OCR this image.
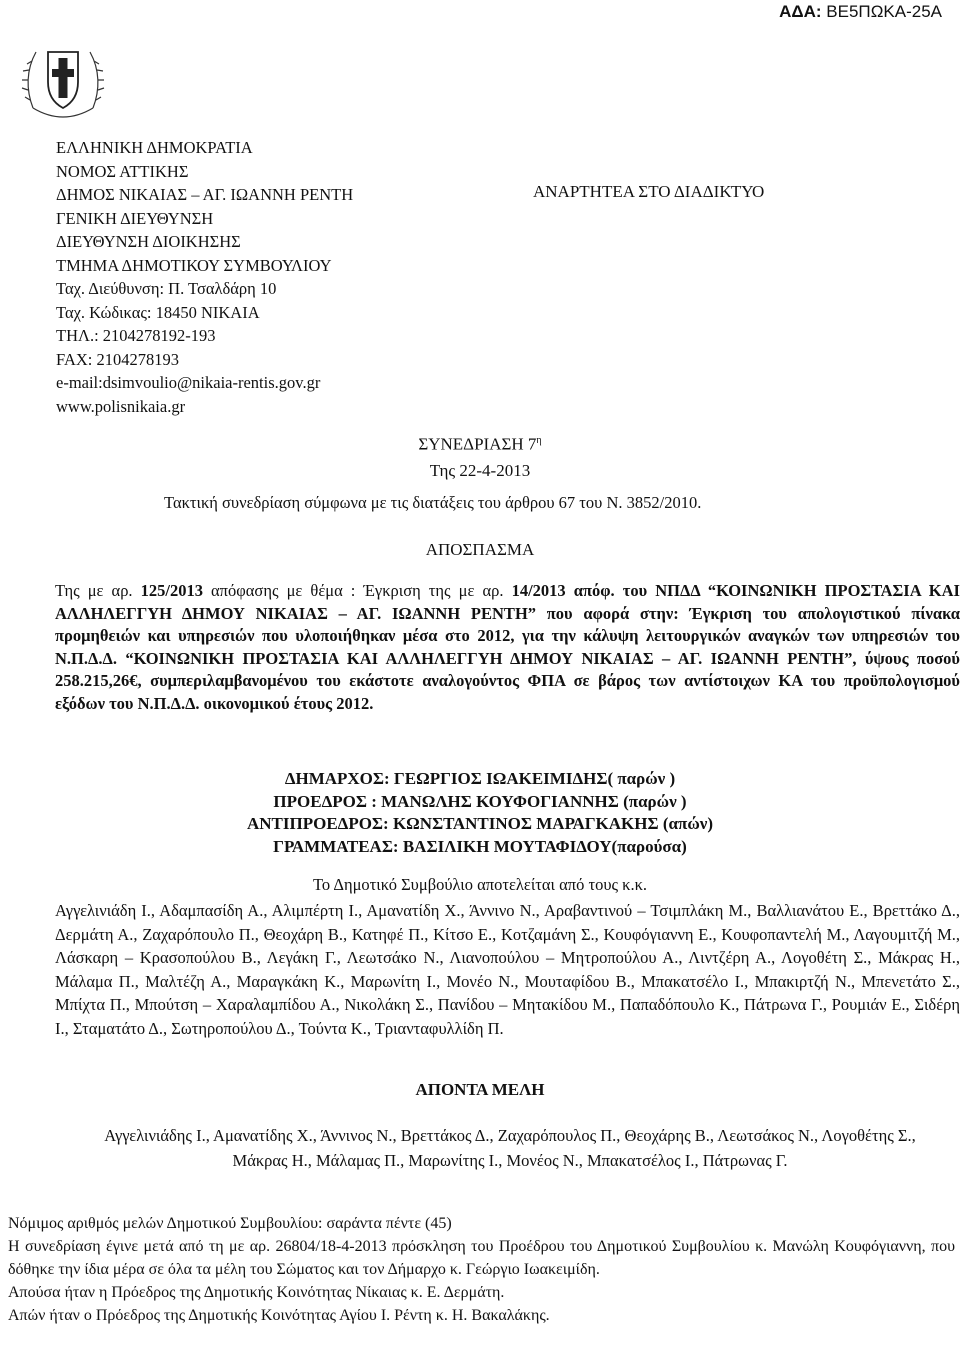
ΑΔΑ: ΒΕ5ΠΩΚΑ-25Α
ΕΛΛΗΝΙΚΗ ΔΗΜΟΚΡΑΤΙΑ
ΝΟΜΟΣ ΑΤΤΙΚΗΣ
ΔΗΜΟΣ ΝΙΚΑΙΑΣ – ΑΓ. ΙΩΑΝΝΗ ΡΕΝΤΗ
ΓΕΝΙΚΗ ΔΙΕΥΘΥΝΣΗ
ΔΙΕΥΘΥΝΣΗ ΔΙΟΙΚΗΣΗΣ
ΤΜΗΜΑ ΔΗΜΟΤΙΚΟΥ ΣΥΜΒΟΥΛΙΟΥ
Ταχ. Διεύθυνση: Π. Τσαλδάρη 10
Ταχ. Κώδικας: 18450 ΝΙΚΑΙΑ
ΤΗΛ.: 2104278192-193
FAX: 2104278193
e-mail:dsimvoulio@nikaia-rentis.gov.gr
www.polisnikaia.gr
ΑΝΑΡΤΗΤΕΑ ΣΤΟ ΔΙΑΔΙΚΤΥΟ
ΣΥΝΕΔΡΙΑΣΗ $7^\eta$
Της 22-4-2013
Τακτική συνεδρίαση σύμφωνα με τις διατάξεις του άρθρου 67 του Ν. 3852/2010.
ΑΠΟΣΠΑΣΜΑ
Της με αρ. 125/2013 απόφασης με θέμα : Έγκριση της με αρ. 14/2013 απόφ. του ΝΠΔΔ “ΚΟΙΝΩΝΙΚΗ ΠΡΟΣΤΑΣΙΑ ΚΑΙ ΑΛΛΗΛΕΓΓΥΗ ΔΗΜΟΥ ΝΙΚΑΙΑΣ – ΑΓ. ΙΩΑΝΝΗ ΡΕΝΤΗ” που αφορά στην: Έγκριση του απολογιστικού πίνακα προμηθειών και υπηρεσιών που υλοποιήθηκαν μέσα στο 2012, για την κάλυψη λειτουργικών αναγκών των υπηρεσιών του Ν.Π.Δ.Δ. “ΚΟΙΝΩΝΙΚΗ ΠΡΟΣΤΑΣΙΑ ΚΑΙ ΑΛΛΗΛΕΓΓΥΗ ΔΗΜΟΥ ΝΙΚΑΙΑΣ – ΑΓ. ΙΩΑΝΝΗ ΡΕΝΤΗ”, ύψους ποσού 258.215,26€, συμπεριλαμβανομένου του εκάστοτε αναλογούντος ΦΠΑ σε βάρος των αντίστοιχων ΚΑ του προϋπολογισμού εξόδων του Ν.Π.Δ.Δ. οικονομικού έτους 2012.
ΔΗΜΑΡΧΟΣ: ΓΕΩΡΓΙΟΣ ΙΩΑΚΕΙΜΙΔΗΣ( παρών )
ΠΡΟΕΔΡΟΣ : ΜΑΝΩΛΗΣ ΚΟΥΦΟΓΙΑΝΝΗΣ (παρών )
ΑΝΤΙΠΡΟΕΔΡΟΣ: ΚΩΝΣΤΑΝΤΙΝΟΣ ΜΑΡΑΓΚΑΚΗΣ (απών)
ΓΡΑΜΜΑΤΕΑΣ: ΒΑΣΙΛΙΚΗ ΜΟΥΤΑΦΙΔΟΥ(παρούσα)
Το Δημοτικό Συμβούλιο αποτελείται από τους κ.κ.
Αγγελινιάδη Ι., Αδαμπασίδη Α., Αλιμπέρτη Ι., Αμανατίδη Χ., Άννινο Ν., Αραβαντινού – Τσιμπλάκη Μ., Βαλλιανάτου Ε., Βρεττάκο Δ., Δερμάτη Α., Ζαχαρόπουλο Π., Θεοχάρη Β., Κατηφέ Π., Κίτσο Ε., Κοτζαμάνη Σ., Κουφόγιαννη Ε., Κουφοπαντελή Μ., Λαγουμιτζή Μ., Λάσκαρη – Κρασοπούλου Β., Λεγάκη Γ., Λεωτσάκο Ν., Λιανοπούλου – Μητροπούλου Α., Λιντζέρη Α., Λογοθέτη Σ., Μάκρας Η., Μάλαμα Π., Μαλτέζη Α., Μαραγκάκη Κ., Μαρωνίτη Ι., Μονέο Ν., Μουταφίδου Β., Μπακατσέλο Ι., Μπακιρτζή Ν., Μπενετάτο Σ., Μπίχτα Π., Μπούτση – Χαραλαμπίδου Α., Νικολάκη Σ., Πανίδου – Μητακίδου Μ., Παπαδόπουλο Κ., Πάτρωνα Γ., Ρουμιάν Ε., Σιδέρη Ι., Σταματάτο Δ., Σωτηροπούλου Δ., Τούντα Κ., Τριανταφυλλίδη Π.
ΑΠΟΝΤΑ ΜΕΛΗ
Αγγελινιάδης Ι., Αμανατίδης Χ., Άννινος Ν., Βρεττάκος Δ., Ζαχαρόπουλος Π., Θεοχάρης Β., Λεωτσάκος Ν., Λογοθέτης Σ., Μάκρας Η., Μάλαμας Π., Μαρωνίτης Ι., Μονέος Ν., Μπακατσέλος Ι., Πάτρωνας Γ.

Νόμιμος αριθμός μελών Δημοτικού Συμβουλίου: σαράντα πέντε (45)

Η συνεδρίαση έγινε μετά από τη με αρ. 26804/18-4-2013 πρόσκληση του Προέδρου του Δημοτικού Συμβουλίου κ. Μανώλη Κουφόγιαννη, που δόθηκε την ίδια μέρα σε όλα τα μέλη του Σώματος και τον Δήμαρχο κ. Γεώργιο Ιωακειμίδη.

Απούσα ήταν η Πρόεδρος της Δημοτικής Κοινότητας Νίκαιας κ. Ε. Δερμάτη.

Απών ήταν ο Πρόεδρος της Δημοτικής Κοινότητας Αγίου Ι. Ρέντη κ. Η. Βακαλάκης.
